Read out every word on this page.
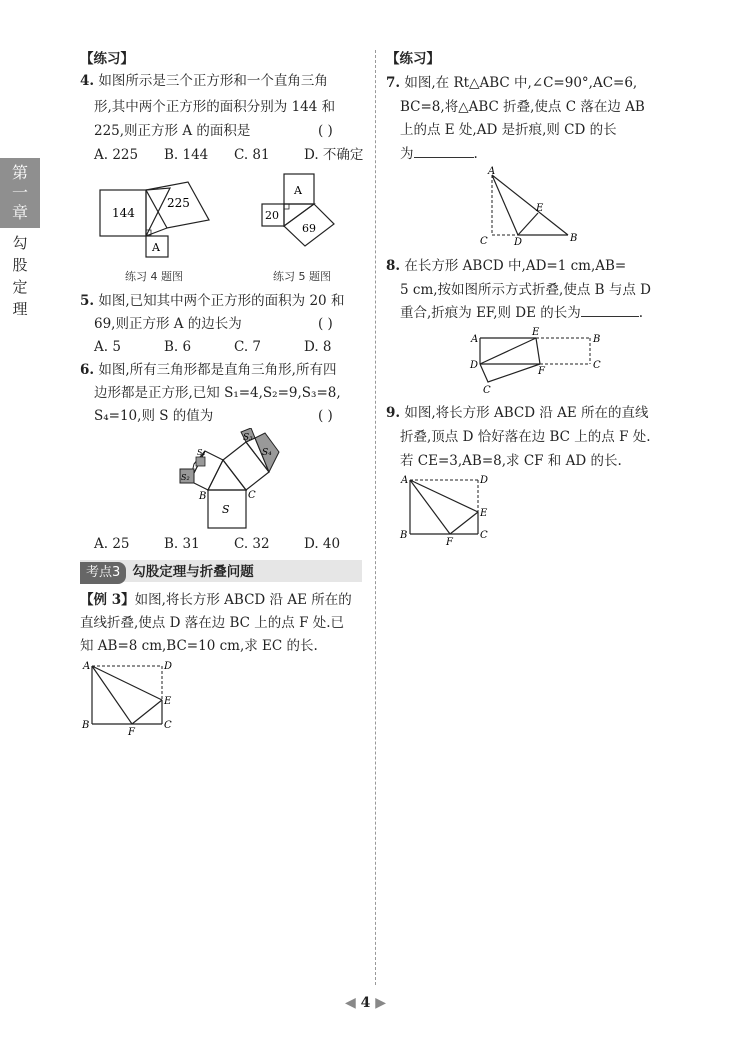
第
一
章
勾
股
定
理
【练习】
4. 如图所示是三个正方形和一个直角三角
形,其中两个正方形的面积分别为 144 和
225,则正方形 A 的面积是	( )
A. 225 B. 144 C. 81	D. 不确定
144
225
A
练习 4 题图
A
20
69
练习 5 题图
5. 如图,已知其中两个正方形的面积为 20 和
69,则正方形 A 的边长为	( )
A. 5	B. 6	C. 7	D. 8
6. 如图,所有三角形都是直角三角形,所有四
边形都是正方形,已知 S₁=4,S₂=9,S₃=8,
S₄=10,则 S 的值为	( )
S₁
S₂
S₃
S₄
S
B	C
A. 25	B. 31	C. 32	D. 40
考点3 勾股定理与折叠问题
【例 3】如图,将长方形 ABCD 沿 AE 所在的
直线折叠,使点 D 落在边 BC 上的点 F 处.已
知 AB=8 cm,BC=10 cm,求 EC 的长.
A	D
E
B
F
C
【练习】
7. 如图,在 Rt△ABC 中,∠C=90°,AC=6,
BC=8,将△ABC 折叠,使点 C 落在边 AB
上的点 E 处,AD 是折痕,则 CD 的长
为	.
A
E
C	D	B
8. 在长方形 ABCD 中,AD=1 cm,AB=
5 cm,按如图所示方式折叠,使点 B 与点 D
重合,折痕为 EF,则 DE 的长为	.
A
E
B
D
F
C
C
9. 如图,将长方形 ABCD 沿 AE 所在的直线
折叠,顶点 D 恰好落在边 BC 上的点 F 处.
若 CE=3,AB=8,求 CF 和 AD 的长.
A	D
E
B
F
C
◀ 4 ▶
